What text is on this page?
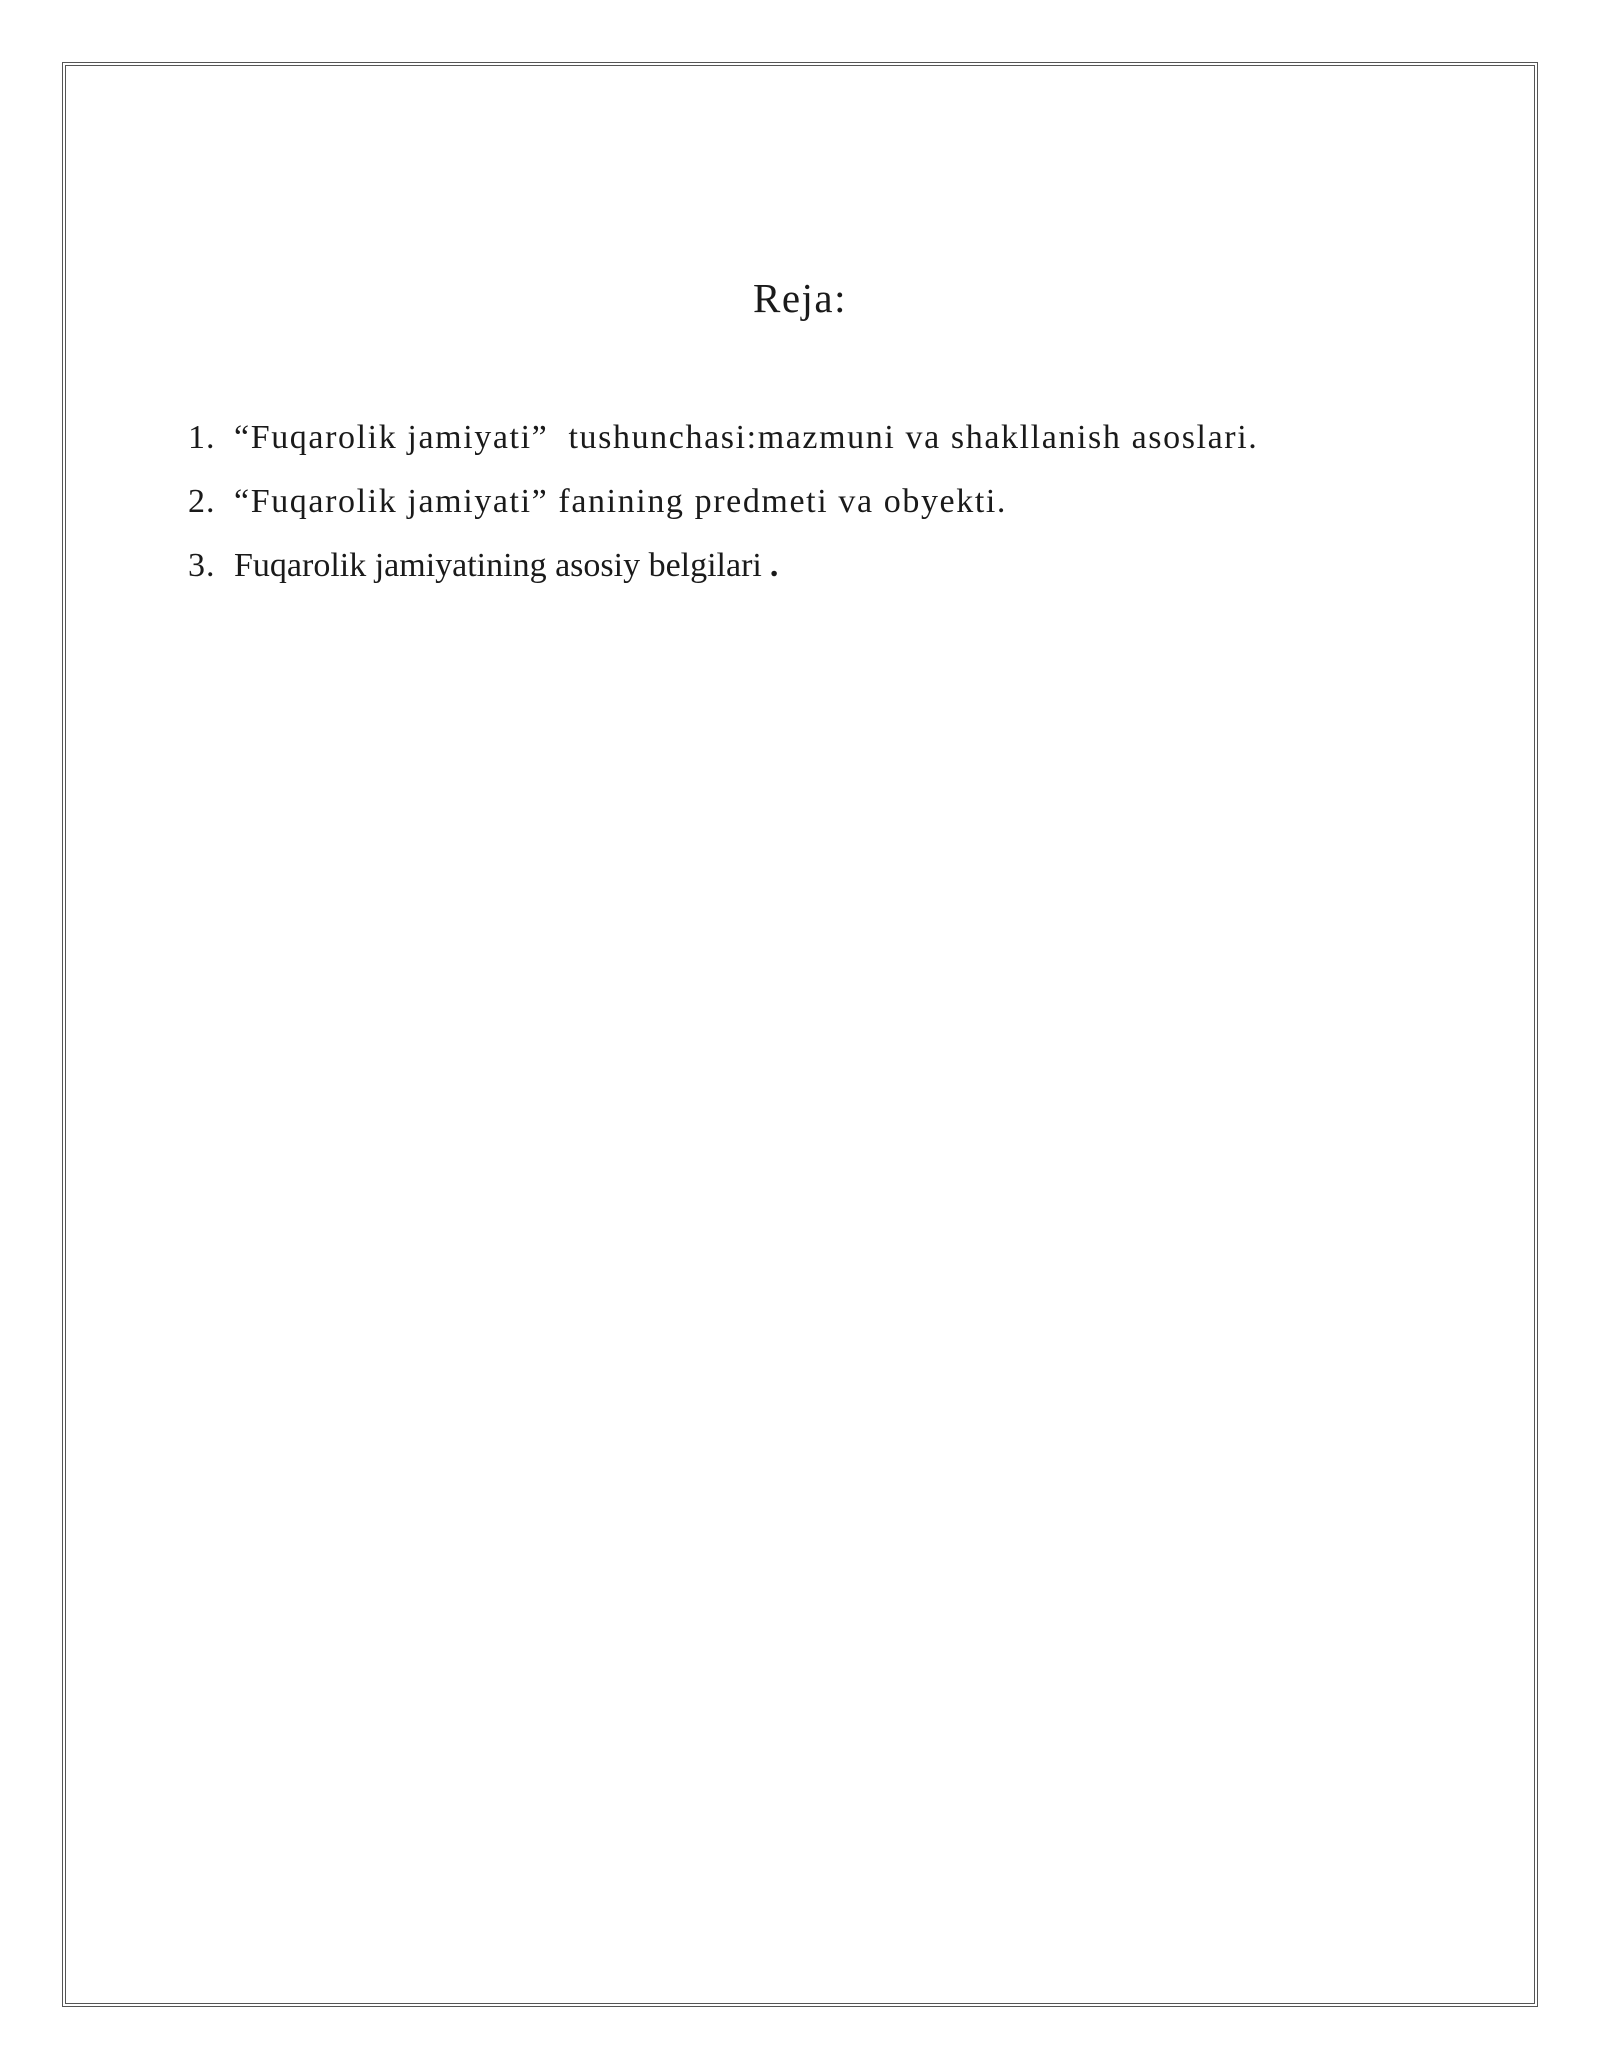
Reja:
1. “Fuqarolik jamiyati”  tushunchasi:mazmuni va shakllanish asoslari.
2. “Fuqarolik jamiyati” fanining predmeti va obyekti.
3. Fuqarolik jamiyatining asosiy belgilari .
